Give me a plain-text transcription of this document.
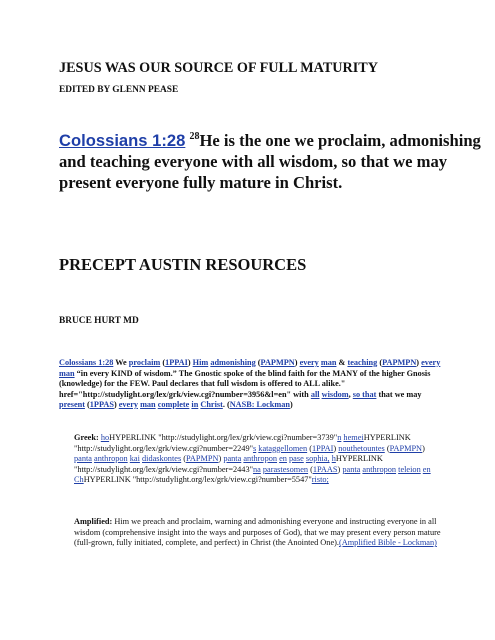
JESUS WAS OUR SOURCE OF FULL MATURITY
EDITED BY GLENN PEASE
Colossians 1:28 $^{28}$He is the one we proclaim, admonishing and teaching everyone with all wisdom, so that we may present everyone fully mature in Christ.
PRECEPT AUSTIN RESOURCES
BRUCE HURT MD
Colossians 1:28 We proclaim (1PPAI) Him admonishing (PAPMPN) every man & teaching (PAPMPN) every man “in every KIND of wisdom.” The Gnostic spoke of the blind faith for the MANY of the higher Gnosis (knowledge) for the FEW. Paul declares that full wisdom is offered to ALL alike." href="http://studylight.org/lex/grk/view.cgi?number=3956&l=en" with all wisdom, so that that we may present (1PPAS) every man complete in Christ. (NASB: Lockman)
Greek: hoHYPERLINK "http://studylight.org/lex/grk/view.cgi?number=3739"n hemeiHYPERLINK "http://studylight.org/lex/grk/view.cgi?number=2249"s kataggellomen (1PPAI) nouthetountes (PAPMPN) panta anthropon kai didaskontes (PAPMPN) panta anthropon en pase sophia, hHYPERLINK "http://studylight.org/lex/grk/view.cgi?number=2443"na parastesomen (1PAAS) panta anthropon teleion en ChHYPERLINK "http://studylight.org/lex/grk/view.cgi?number=5547"risto;
Amplified: Him we preach and proclaim, warning and admonishing everyone and instructing everyone in all wisdom (comprehensive insight into the ways and purposes of God), that we may present every person mature (full-grown, fully initiated, complete, and perfect) in Christ (the Anointed One).(Amplified Bible - Lockman)
